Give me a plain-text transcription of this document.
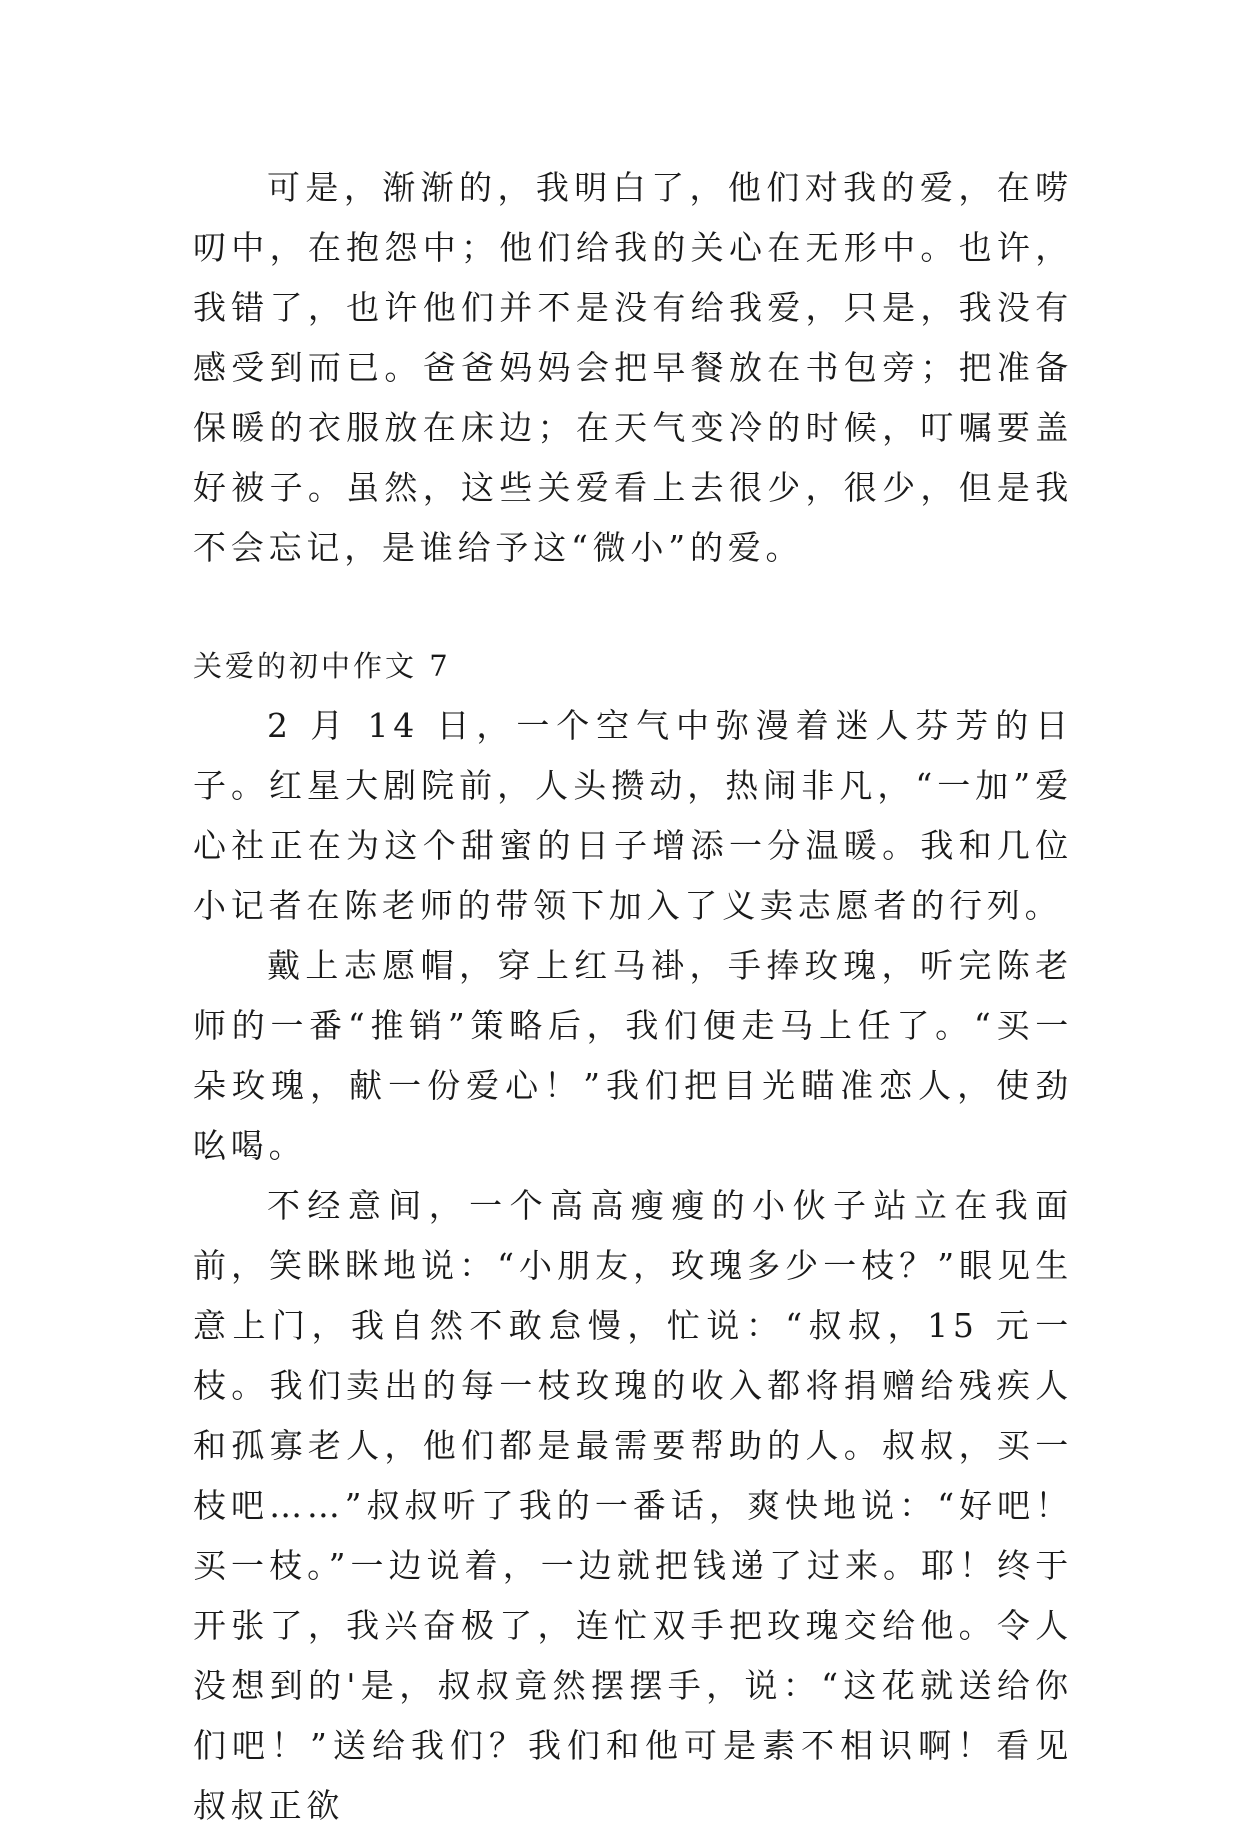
可是，渐渐的，我明白了，他们对我的爱，在唠叨中，在抱怨中；他们给我的关心在无形中。也许，我错了，也许他们并不是没有给我爱，只是，我没有感受到而已。爸爸妈妈会把早餐放在书包旁；把准备保暖的衣服放在床边；在天气变冷的时候，叮嘱要盖好被子。虽然，这些关爱看上去很少，很少，但是我不会忘记，是谁给予这“微小”的爱。

关爱的初中作文 7

2 月 14 日，一个空气中弥漫着迷人芬芳的日子。红星大剧院前，人头攒动，热闹非凡，“一加”爱心社正在为这个甜蜜的日子增添一分温暖。我和几位小记者在陈老师的带领下加入了义卖志愿者的行列。

戴上志愿帽，穿上红马褂，手捧玫瑰，听完陈老师的一番“推销”策略后，我们便走马上任了。“买一朵玫瑰，献一份爱心！”我们把目光瞄准恋人，使劲吆喝。

不经意间，一个高高瘦瘦的小伙子站立在我面前，笑眯眯地说：“小朋友，玫瑰多少一枝？”眼见生意上门，我自然不敢怠慢，忙说：“叔叔，15 元一枝。我们卖出的每一枝玫瑰的收入都将捐赠给残疾人和孤寡老人，他们都是最需要帮助的人。叔叔，买一枝吧……”叔叔听了我的一番话，爽快地说：“好吧！买一枝。”一边说着，一边就把钱递了过来。耶！终于开张了，我兴奋极了，连忙双手把玫瑰交给他。令人没想到的'是，叔叔竟然摆摆手，说：“这花就送给你们吧！”送给我们？我们和他可是素不相识啊！看见叔叔正欲
